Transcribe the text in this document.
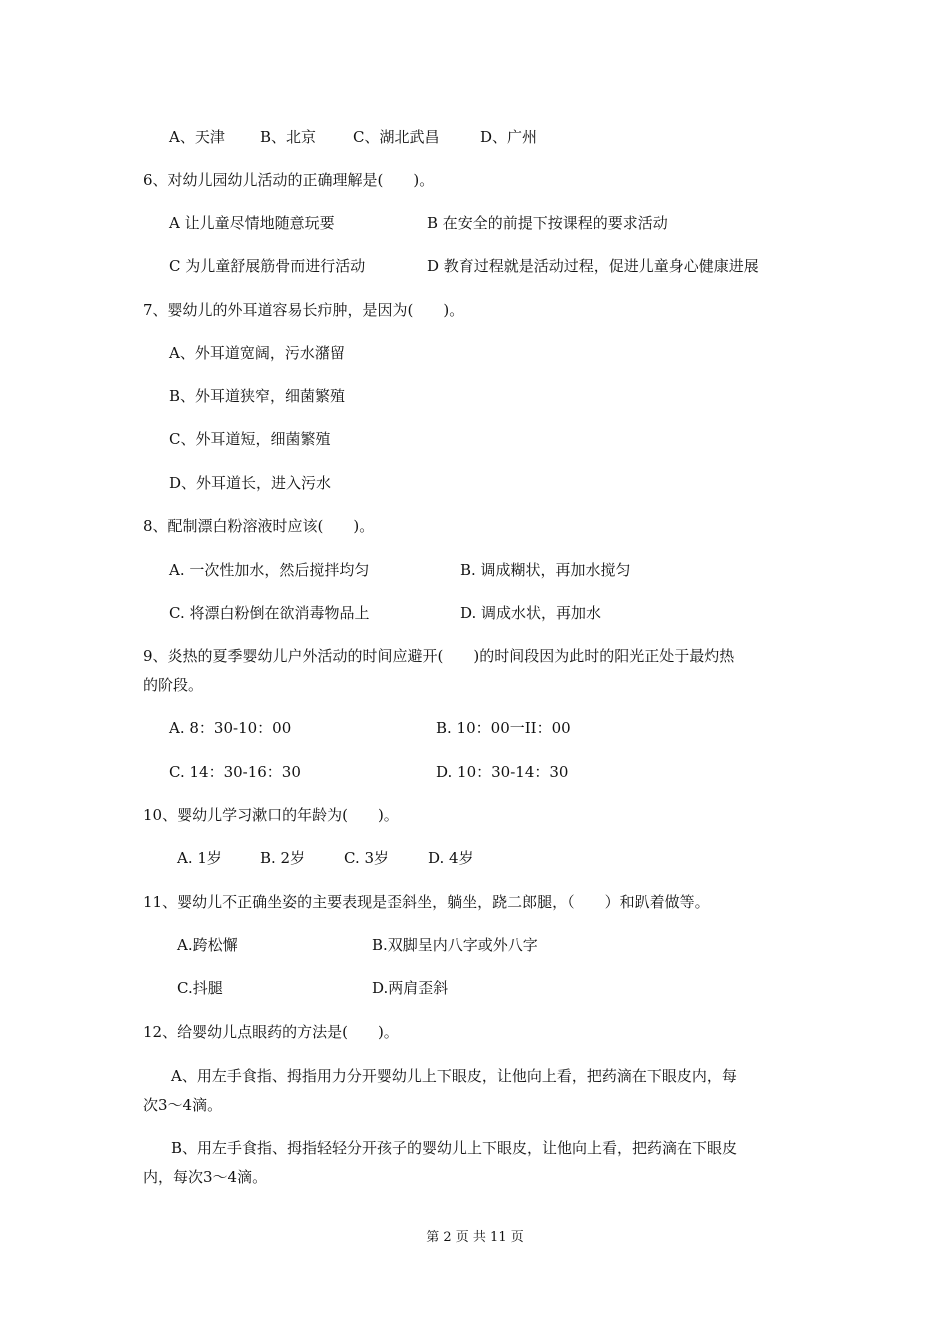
A、天津 B、北京 C、湖北武昌	D、广州
6、对幼儿园幼儿活动的正确理解是(　　)。
A 让儿童尽情地随意玩要	B 在安全的前提下按课程的要求活动
C 为儿童舒展筋骨而进行活动	D 教育过程就是活动过程，促进儿童身心健康进展
7、婴幼儿的外耳道容易长疖肿，是因为(　　)。
A、外耳道宽阔，污水潴留
B、外耳道狭窄，细菌繁殖
C、外耳道短，细菌繁殖
D、外耳道长，进入污水
8、配制漂白粉溶液时应该(　　)。
A. 一次性加水，然后搅拌均匀	B. 调成糊状，再加水搅匀
C. 将漂白粉倒在欲消毒物品上	D. 调成水状，再加水
9、炎热的夏季婴幼儿户外活动的时间应避开(　　)的时间段因为此时的阳光正处于最灼热
的阶段。
A. 8：30-10：00	B. 10：00一II：00
C. 14：30-16：30	D. 10：30-14：30
10、婴幼儿学习漱口的年龄为(　　)。
A. 1岁	B. 2岁	C. 3岁	D. 4岁
11、婴幼儿不正确坐姿的主要表现是歪斜坐，躺坐，跷二郎腿，（　　）和趴着做等。
A.跨松懈	B.双脚呈内八字或外八字
C.抖腿	D.两肩歪斜
12、给婴幼儿点眼药的方法是(　　)。
A、用左手食指、拇指用力分开婴幼儿上下眼皮，让他向上看，把药滴在下眼皮内，每
次3～4滴。
B、用左手食指、拇指轻轻分开孩子的婴幼儿上下眼皮，让他向上看，把药滴在下眼皮
内，每次3～4滴。
第 2 页 共 11 页
